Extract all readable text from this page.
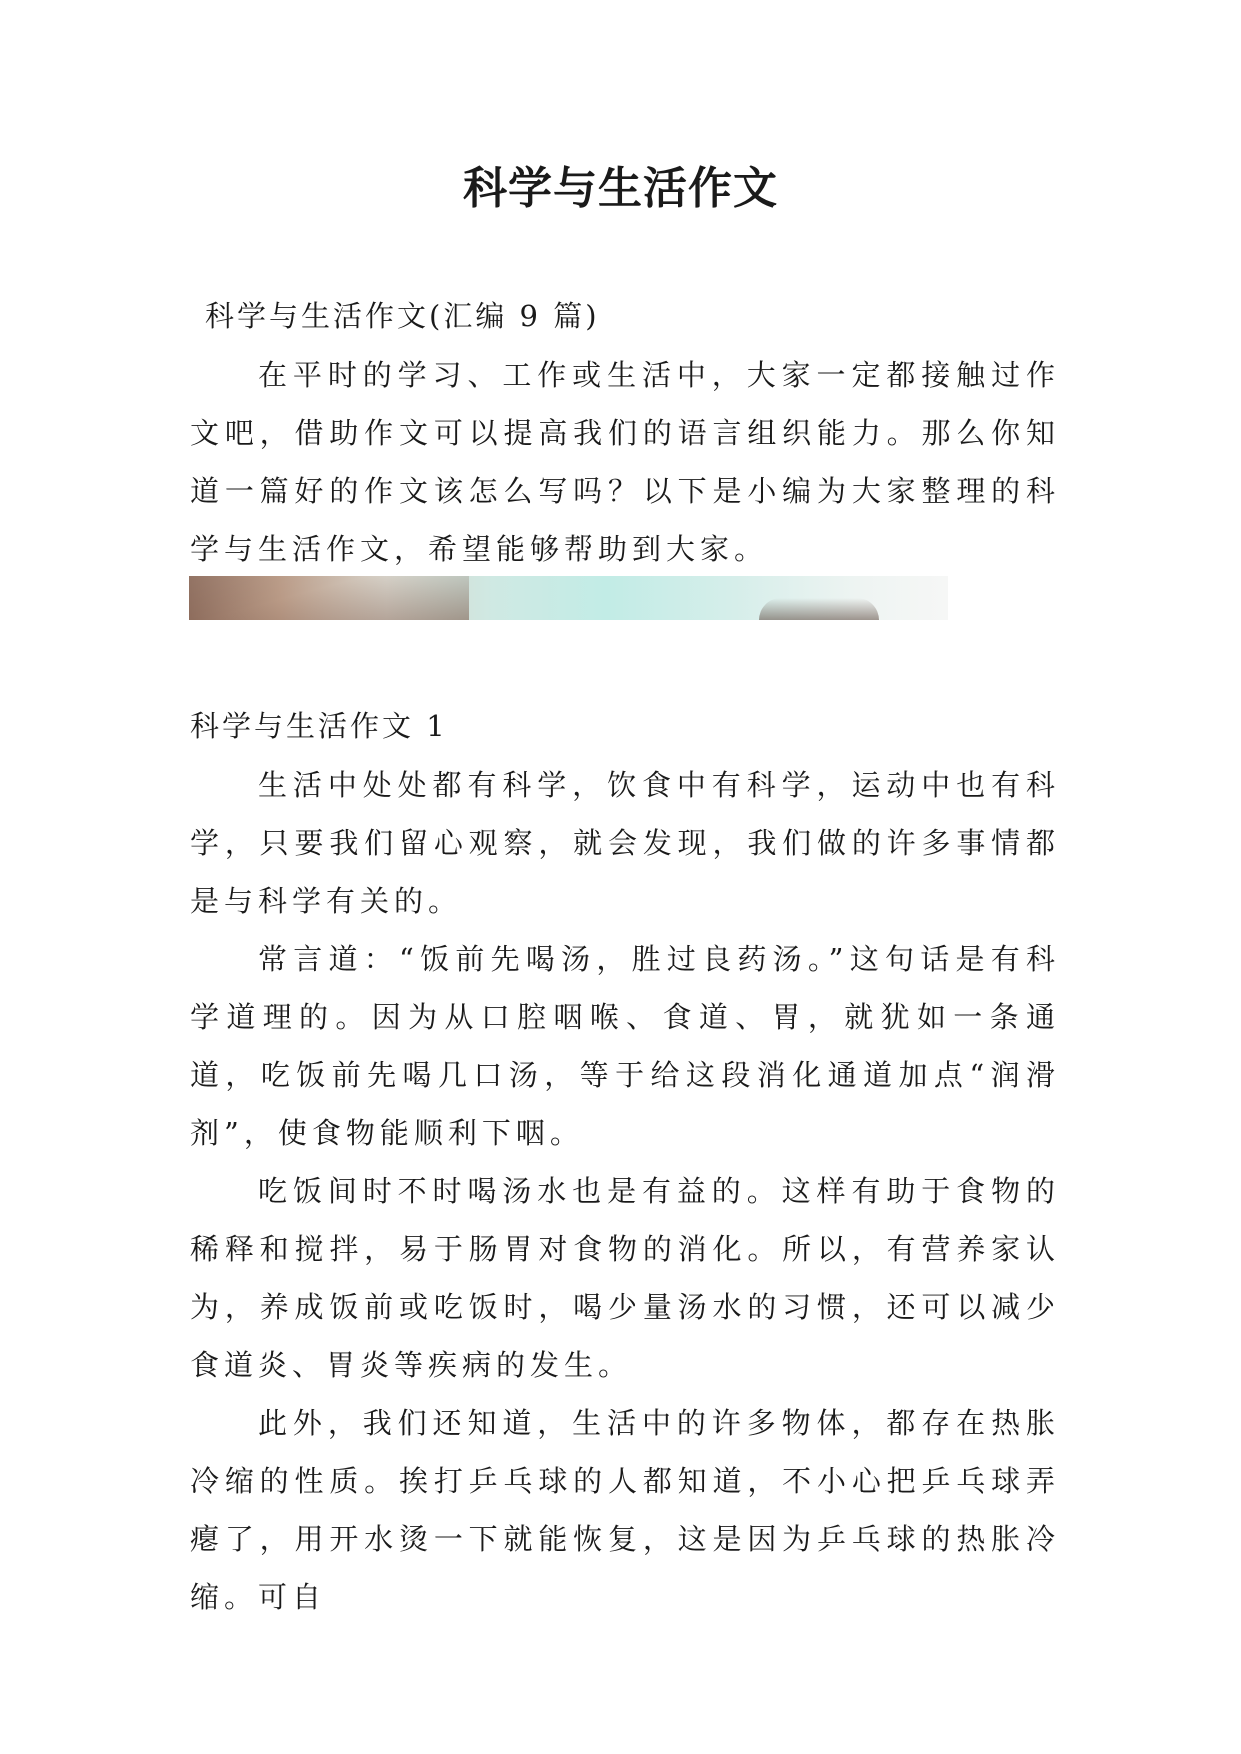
科学与生活作文
科学与生活作文(汇编 9 篇)

在平时的学习、工作或生活中，大家一定都接触过作文吧，借助作文可以提高我们的语言组织能力。那么你知道一篇好的作文该怎么写吗？以下是小编为大家整理的科学与生活作文，希望能够帮助到大家。

科学与生活作文 1

生活中处处都有科学，饮食中有科学，运动中也有科学，只要我们留心观察，就会发现，我们做的许多事情都是与科学有关的。

常言道：“饭前先喝汤，胜过良药汤。”这句话是有科学道理的。因为从口腔咽喉、食道、胃，就犹如一条通道，吃饭前先喝几口汤，等于给这段消化通道加点“润滑剂”，使食物能顺利下咽。

吃饭间时不时喝汤水也是有益的。这样有助于食物的稀释和搅拌，易于肠胃对食物的消化。所以，有营养家认为，养成饭前或吃饭时，喝少量汤水的习惯，还可以减少食道炎、胃炎等疾病的发生。

此外，我们还知道，生活中的许多物体，都存在热胀冷缩的性质。挨打乒乓球的人都知道，不小心把乒乓球弄瘪了，用开水烫一下就能恢复，这是因为乒乓球的热胀冷缩。可自
